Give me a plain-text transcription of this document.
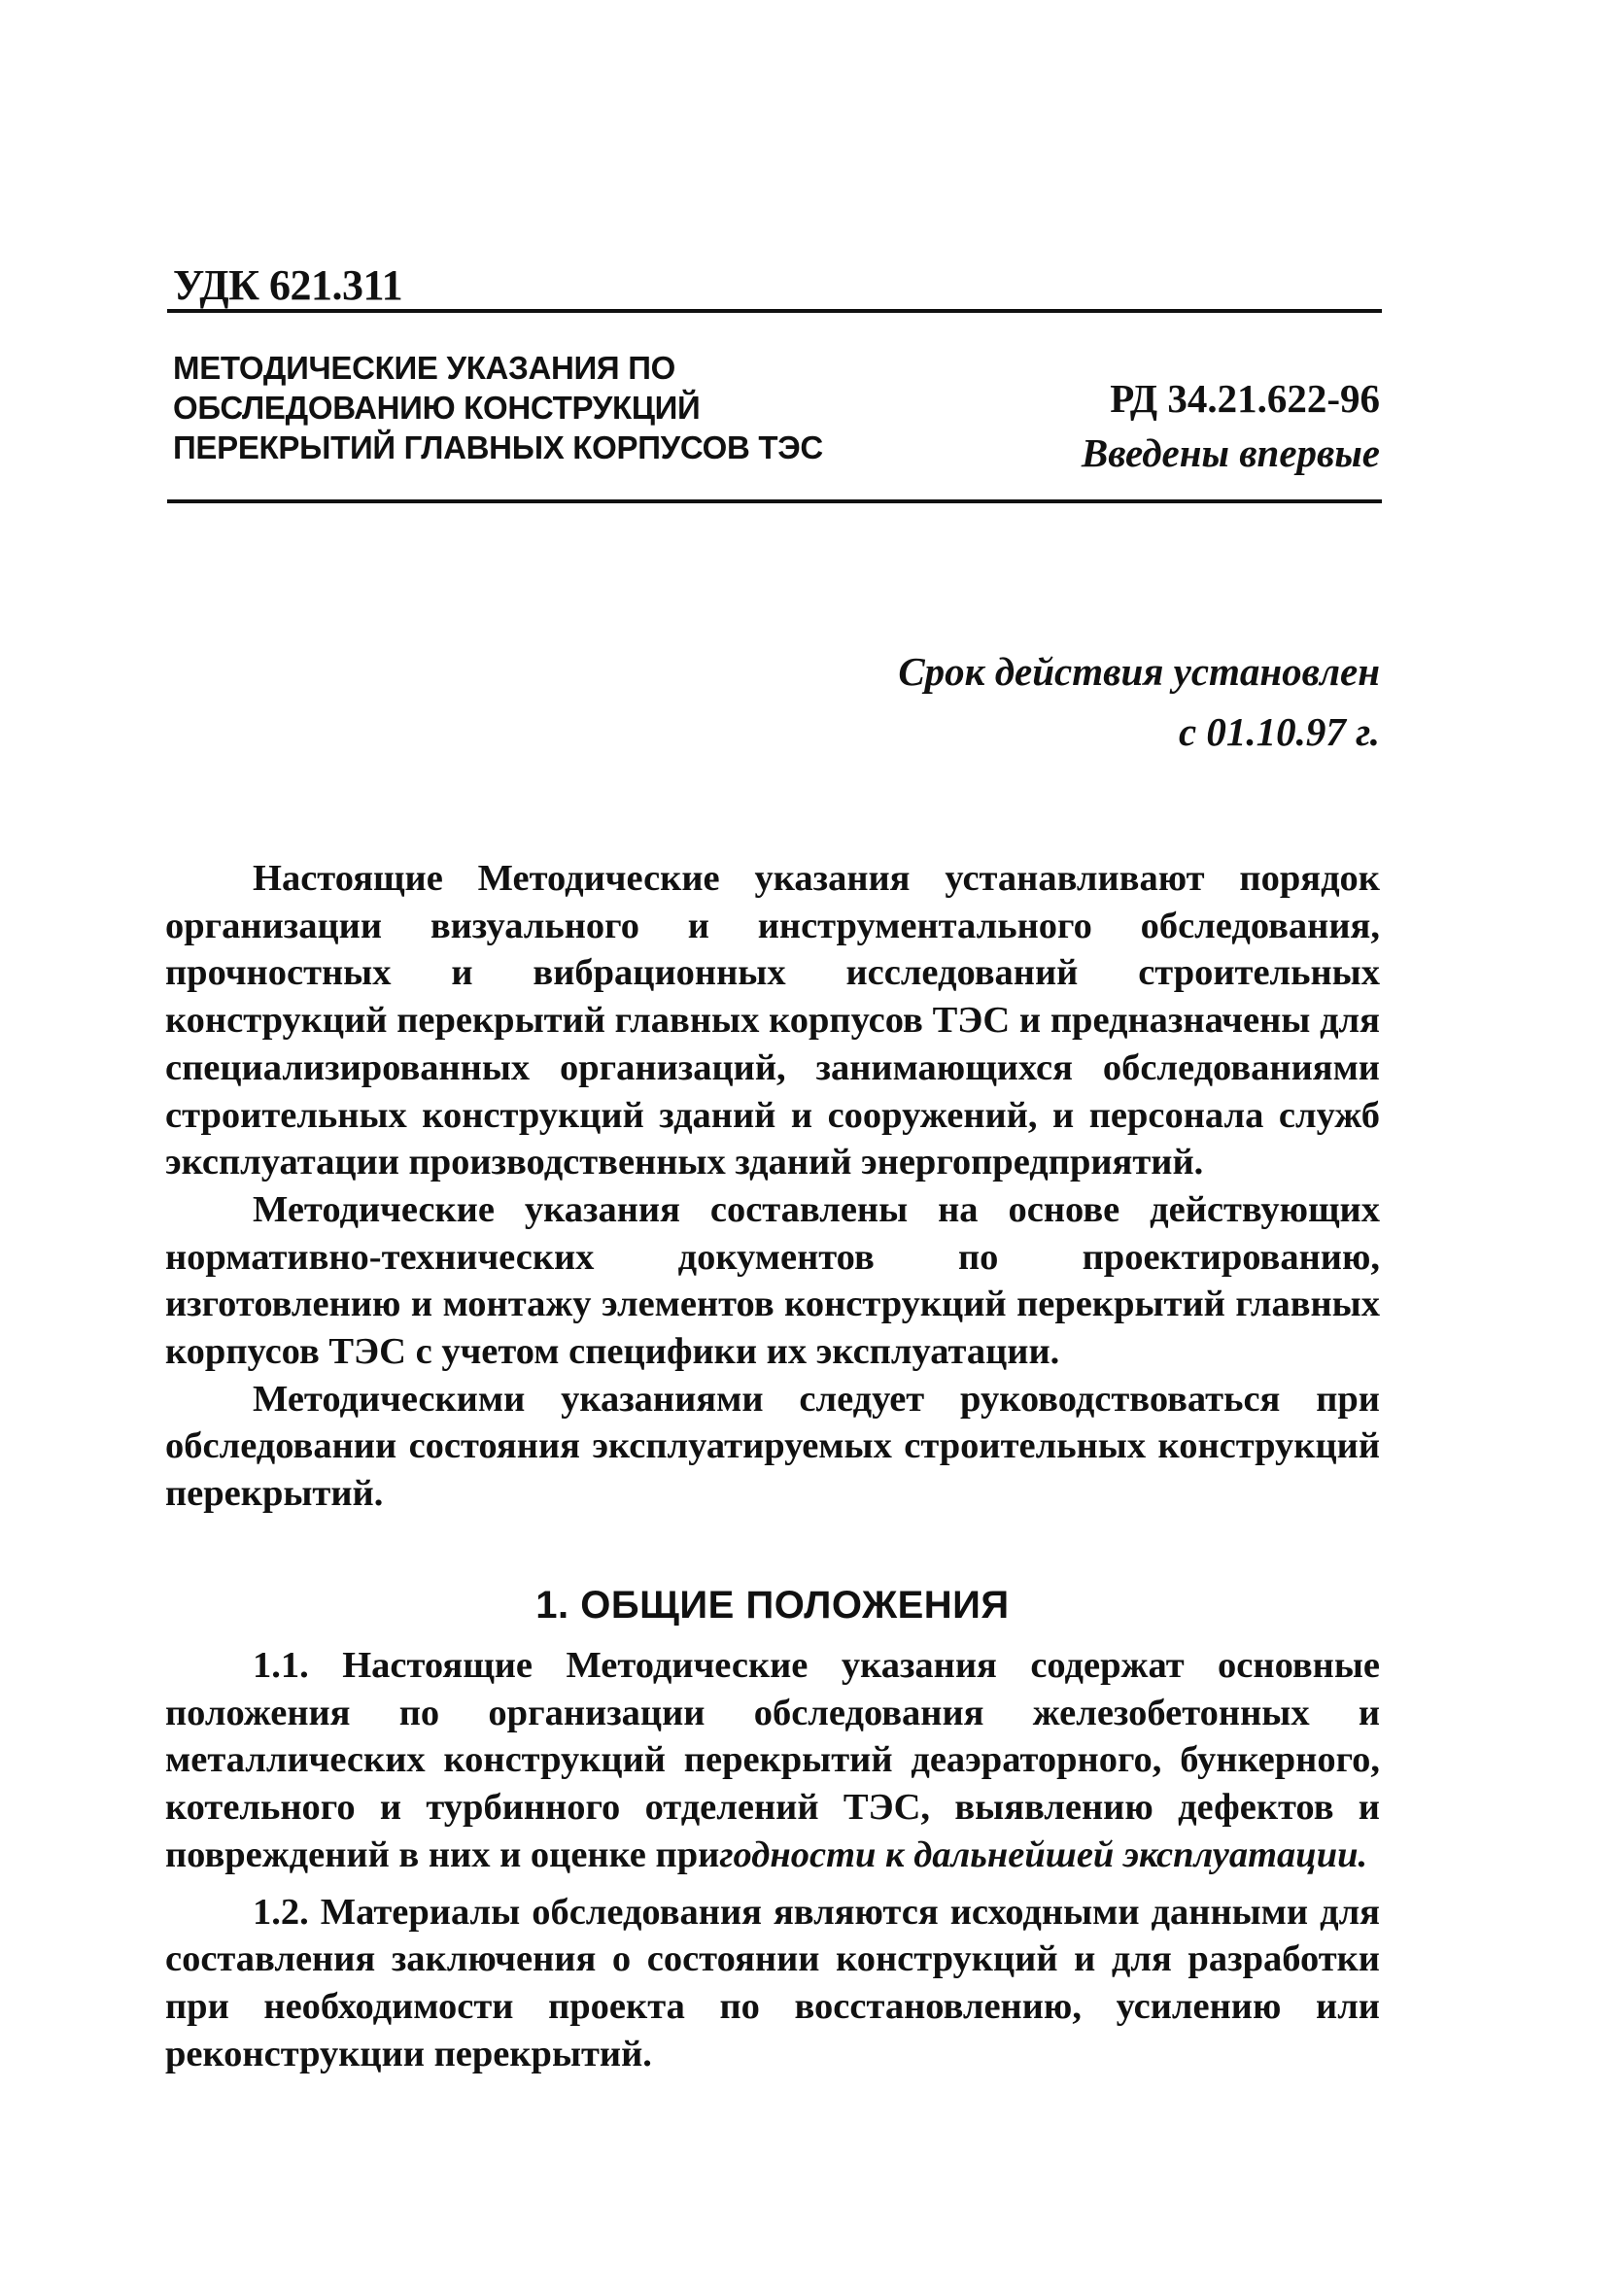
УДК 621.311
МЕТОДИЧЕСКИЕ УКАЗАНИЯ ПО
ОБСЛЕДОВАНИЮ КОНСТРУКЦИЙ
ПЕРЕКРЫТИЙ ГЛАВНЫХ КОРПУСОВ ТЭС
РД 34.21.622-96
Введены впервые
Срок действия установлен
с 01.10.97 г.

Настоящие Методические указания устанавливают порядок организации визуального и инструментального обследования, прочностных и вибрационных исследований строительных конструкций перекрытий главных корпусов ТЭС и предназначены для специализированных организаций, занимающихся обследованиями строительных конструкций зданий и сооружений, и персонала служб эксплуатации производственных зданий энергопредприятий.

Методические указания составлены на основе действующих нормативно-технических документов по проектированию, изготовлению и монтажу элементов конструкций перекрытий главных корпусов ТЭС с учетом специфики их эксплуатации.

Методическими указаниями следует руководствоваться при обследовании состояния эксплуатируемых строительных конструкций перекрытий.

1. ОБЩИЕ ПОЛОЖЕНИЯ

1.1. Настоящие Методические указания содержат основные положения по организации обследования железобетонных и металлических конструкций перекрытий деаэраторного, бункерного, котельного и турбинного отделений ТЭС, выявлению дефектов и повреждений в них и оценке пригодности к дальнейшей эксплуатации.

1.2. Материалы обследования являются исходными данными для составления заключения о состоянии конструкций и для разработки при необходимости проекта по восстановлению, усилению или реконструкции перекрытий.
